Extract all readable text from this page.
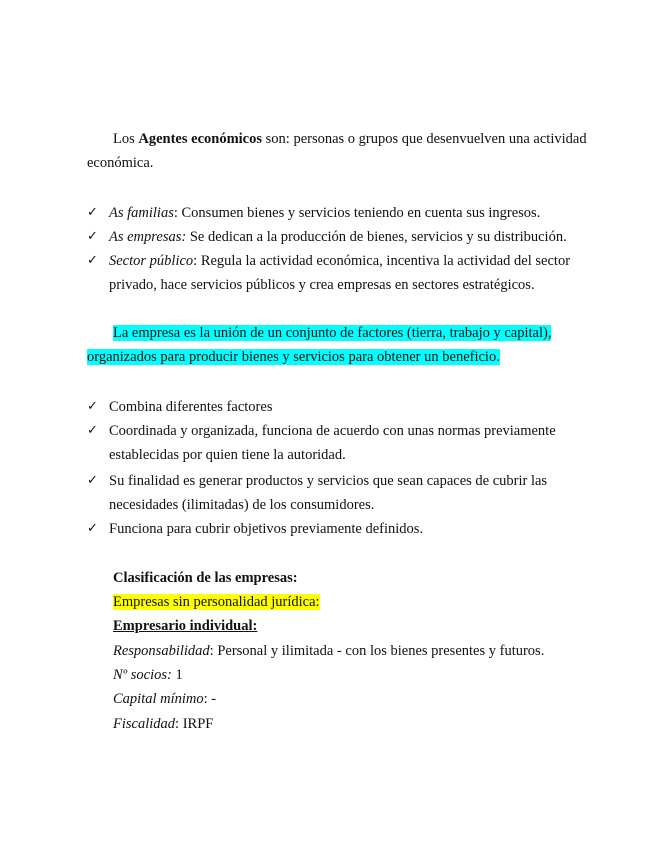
Los Agentes económicos son: personas o grupos que desenvuelven una actividad
económica.
✓ As familias: Consumen bienes y servicios teniendo en cuenta sus ingresos.
✓ As empresas: Se dedican a la producción de bienes, servicios y su distribución.
✓ Sector público: Regula la actividad económica, incentiva la actividad del sector
privado, hace servicios públicos y crea empresas en sectores estratégicos.
La empresa es la unión de un conjunto de factores (tierra, trabajo y capital),
organizados para producir bienes y servicios para obtener un beneficio.
✓ Combina diferentes factores
✓ Coordinada y organizada, funciona de acuerdo con unas normas previamente
establecidas por quien tiene la autoridad.
✓ Su finalidad es generar productos y servicios que sean capaces de cubrir las
necesidades (ilimitadas) de los consumidores.
✓ Funciona para cubrir objetivos previamente definidos.
Clasificación de las empresas:
Empresas sin personalidad jurídica:
Empresario individual:
Responsabilidad: Personal y ilimitada - con los bienes presentes y futuros.
Nº socios: 1
Capital mínimo: -
Fiscalidad: IRPF
